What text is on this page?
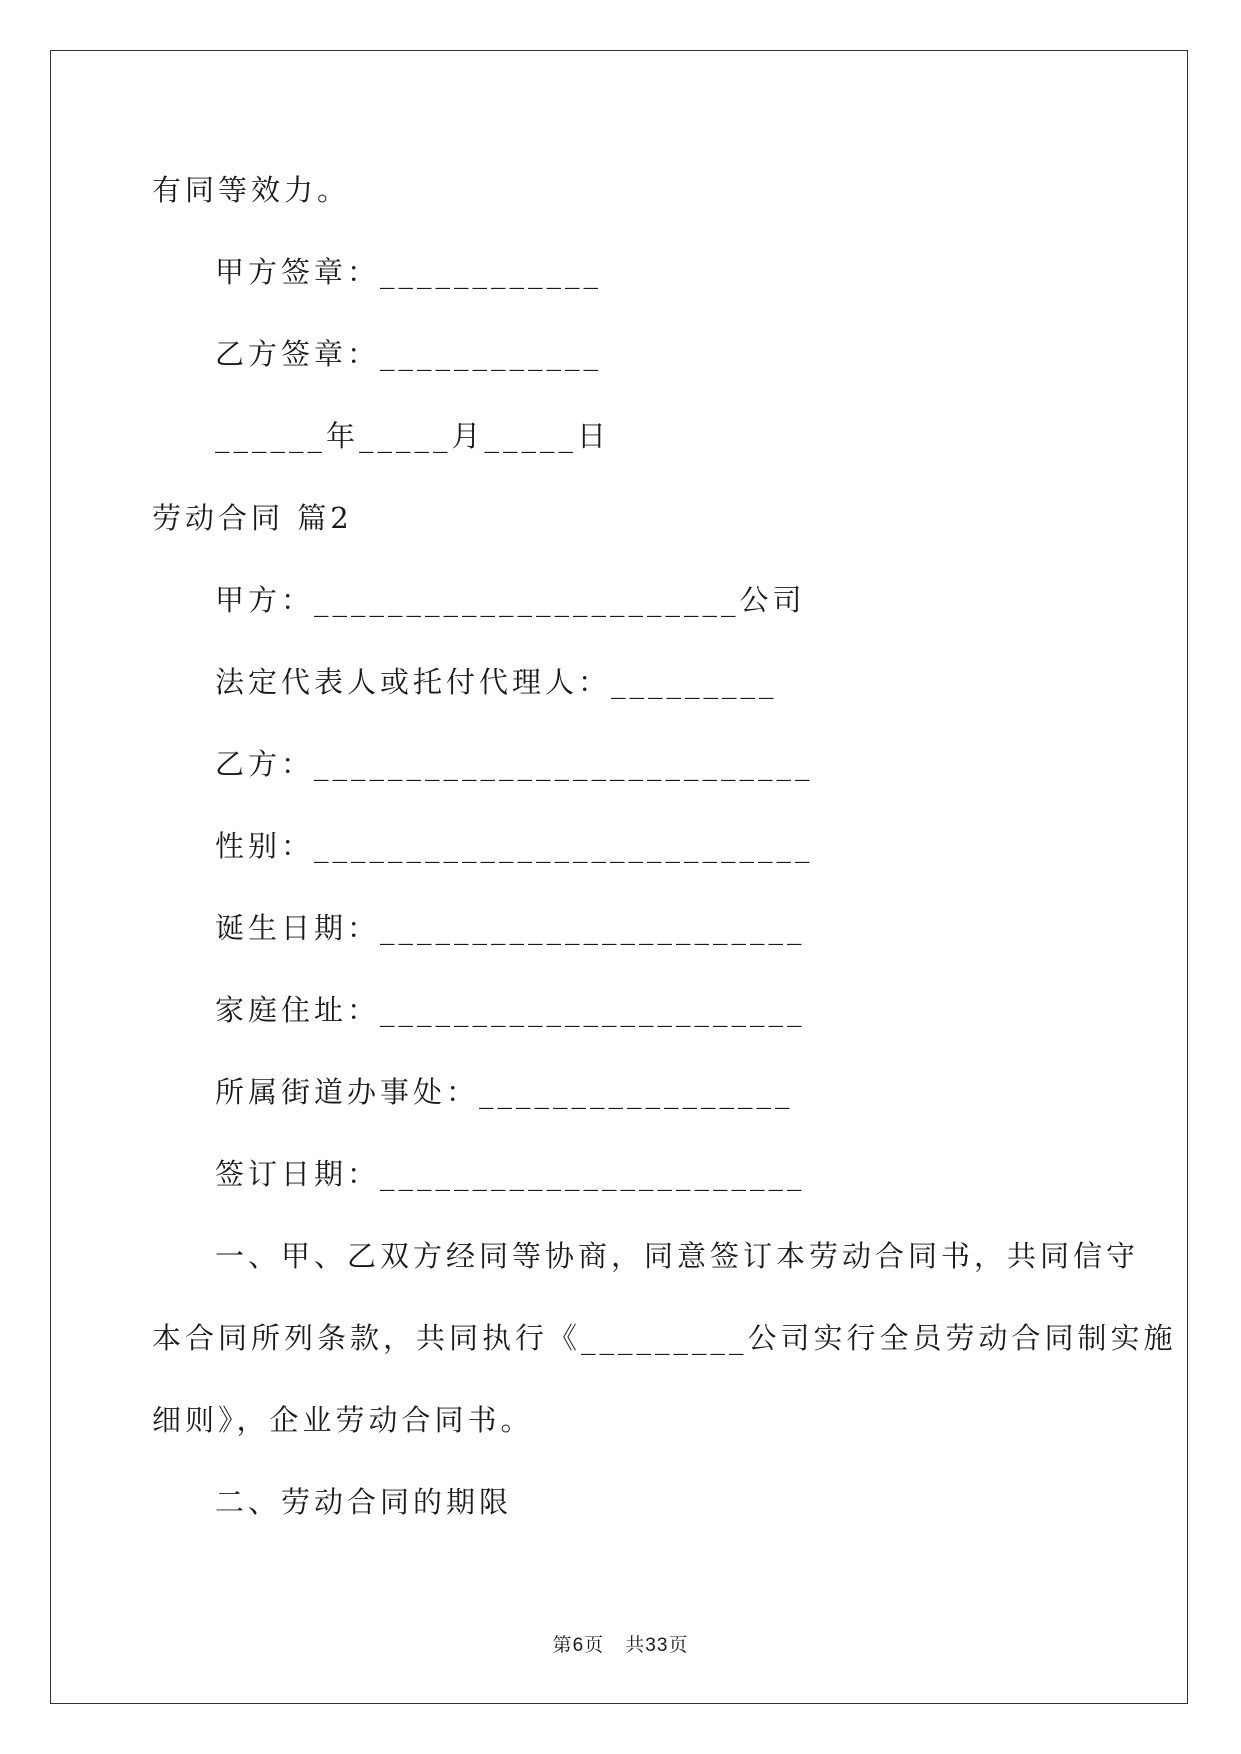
有同等效力。
甲方签章：____________
乙方签章：____________
______年_____月_____日
劳动合同 篇2
甲方：_______________________公司
法定代表人或托付代理人：_________
乙方：___________________________
性别：___________________________
诞生日期：_______________________
家庭住址：_______________________
所属街道办事处：_________________
签订日期：_______________________
一、甲、乙双方经同等协商，同意签订本劳动合同书，共同信守
本合同所列条款，共同执行《_________公司实行全员劳动合同制实施
细则》，企业劳动合同书。
二、劳动合同的期限
第6页 共33页
